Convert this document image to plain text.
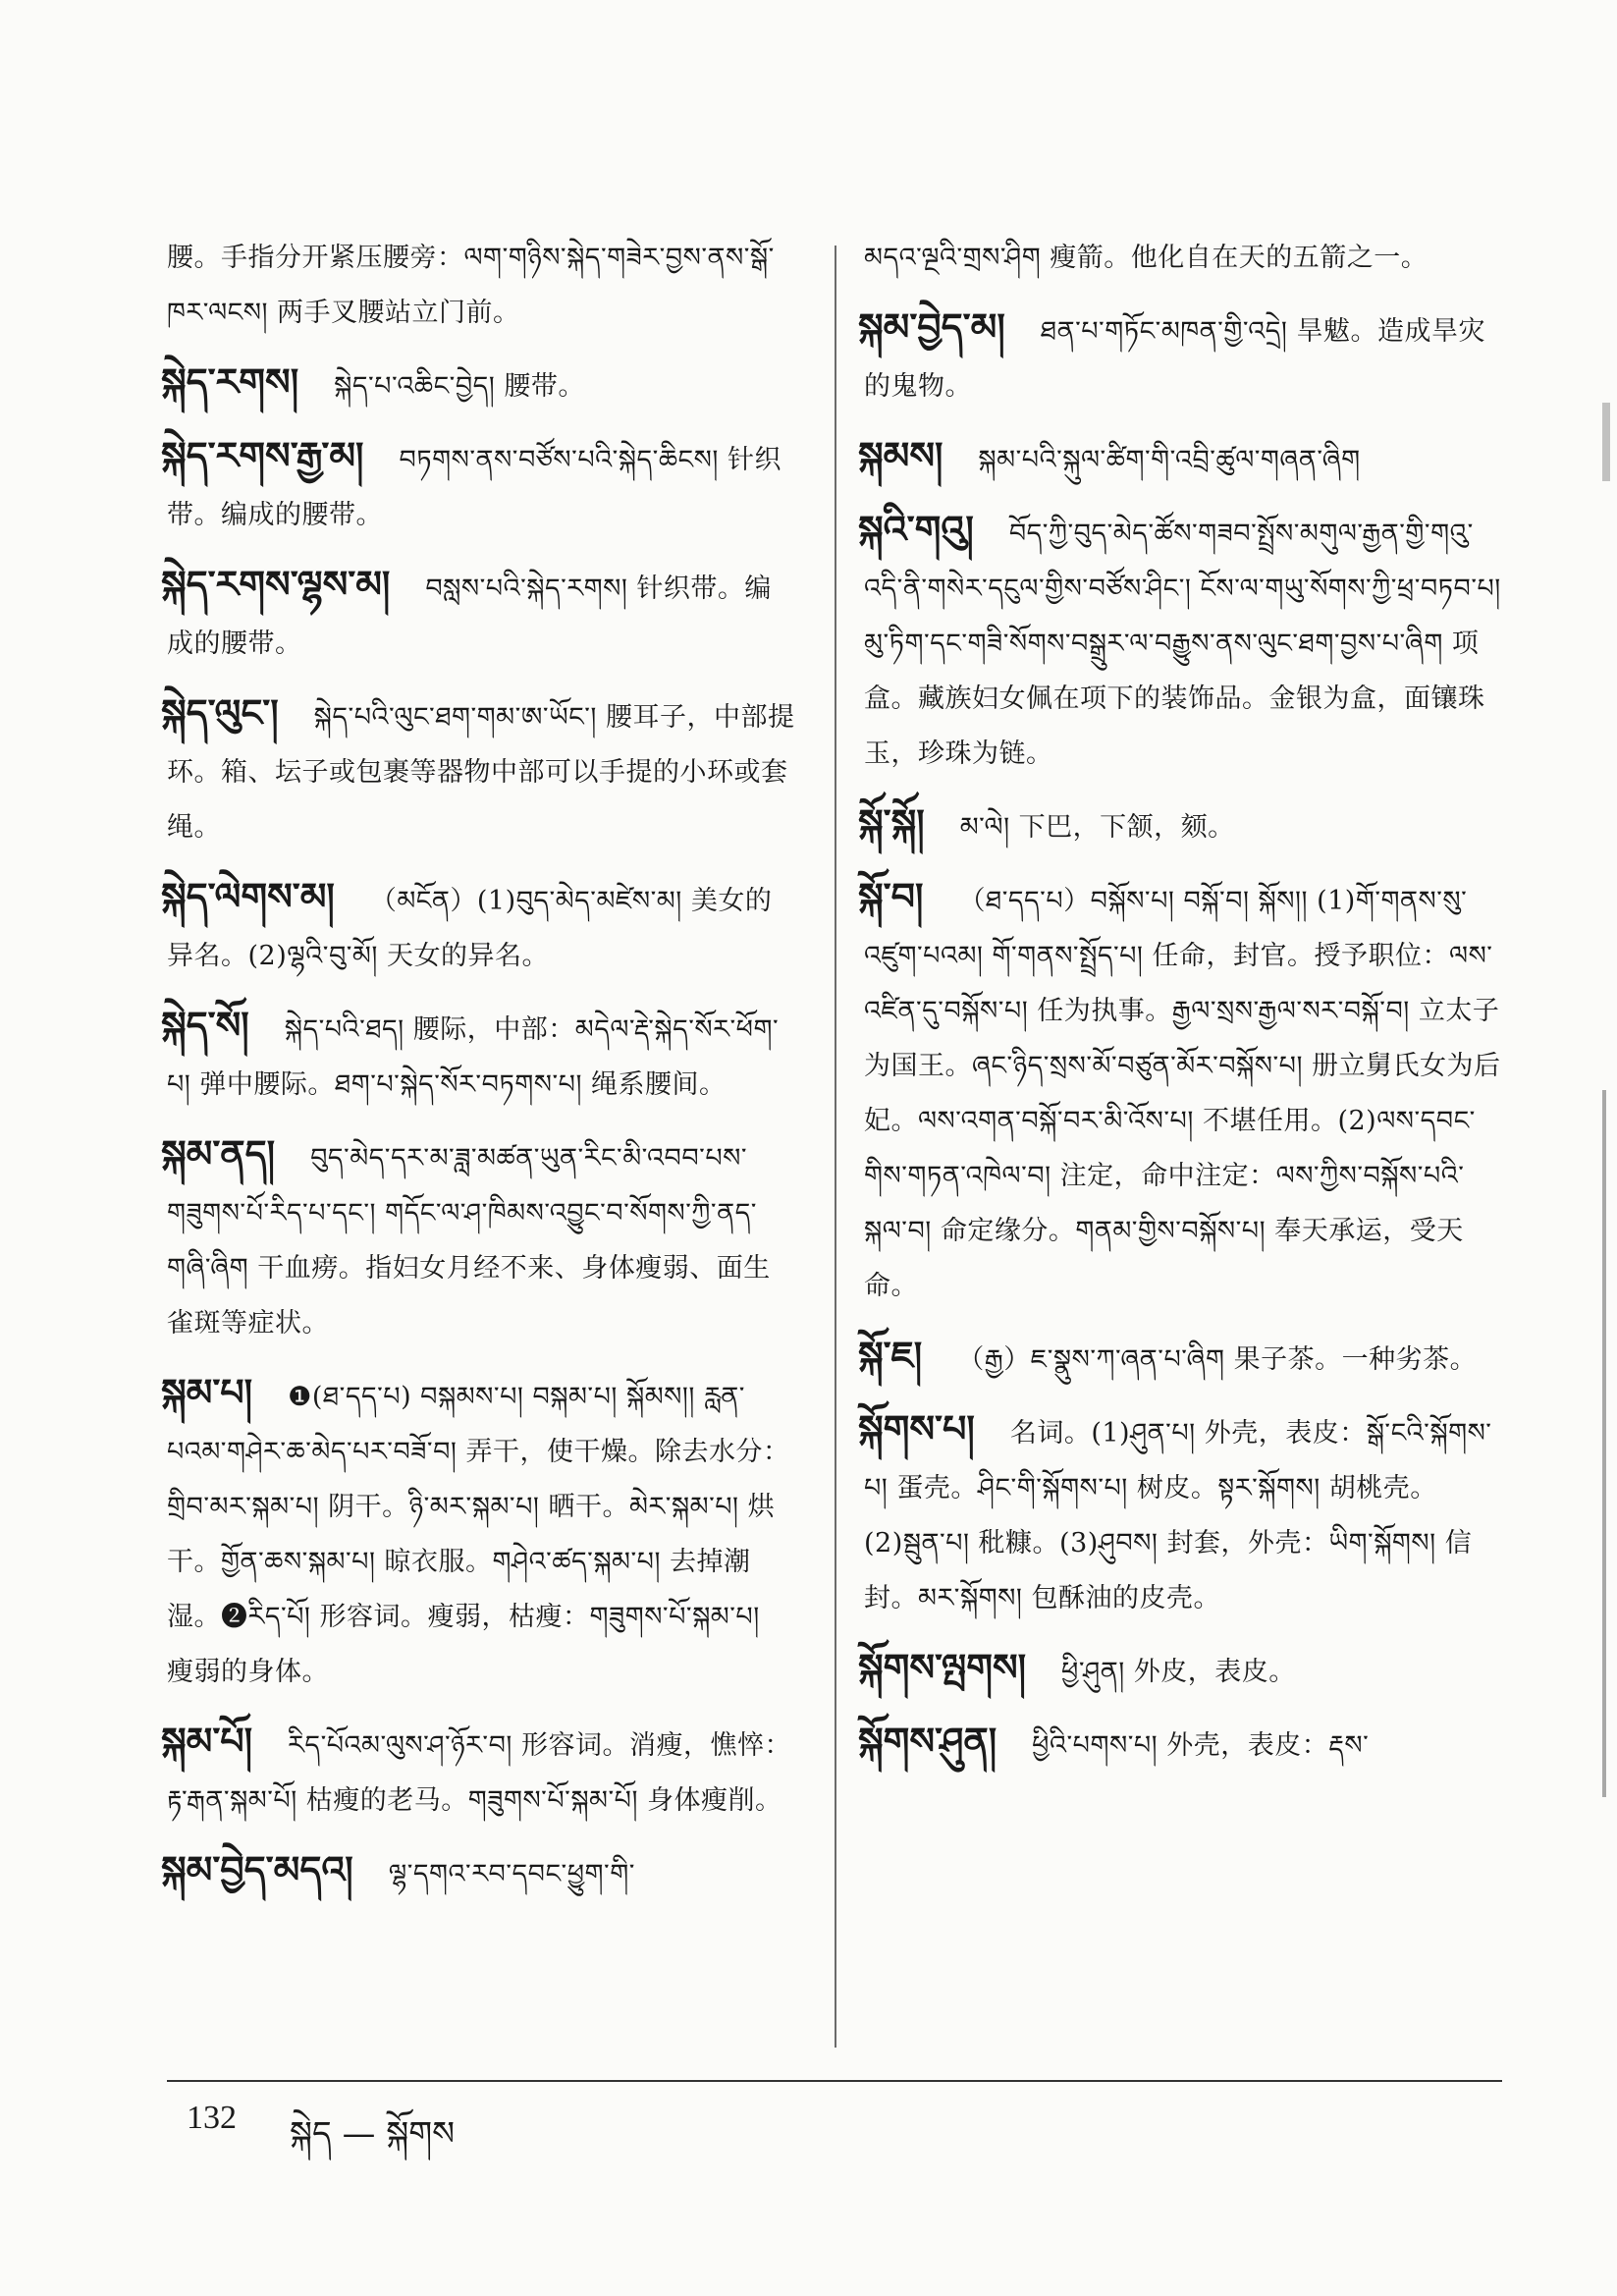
腰。手指分开紧压腰旁：ལག་གཉིས་སྐེད་གཟེར་བྱས་ནས་སྒོ་ཁར་ལངས། 两手叉腰站立门前。
སྐེད་རགས། སྐེད་པ་འཆིང་བྱེད། 腰带。
སྐེད་རགས་རྒྱ་མ། བཏགས་ནས་བཙོས་པའི་སྐེད་ཆིངས། 针织带。编成的腰带。
སྐེད་རགས་ལྷས་མ། བསླས་པའི་སྐེད་རགས། 针织带。编成的腰带。
སྐེད་ལུང་། སྐེད་པའི་ལུང་ཐག་གམ་ཨ་ཡོང་། 腰耳子，中部提环。箱、坛子或包裹等器物中部可以手提的小环或套绳。
སྐེད་ལེགས་མ། （མངོན）(1)བུད་མེད་མཛེས་མ། 美女的异名。(2)ལྷའི་བུ་མོ། 天女的异名。
སྐེད་སོ། སྐེད་པའི་ཐད། 腰际，中部：མདེལ་རྡེ་སྐེད་སོར་ཕོག་པ། 弹中腰际。ཐག་པ་སྐེད་སོར་བཏགས་པ། 绳系腰间。
སྐམ་ནད། བུད་མེད་དར་མ་ཟླ་མཚན་ཡུན་རིང་མི་འབབ་པས་གཟུགས་པོ་རིད་པ་དང་། གདོང་ལ་ཤ་ཁིམས་འབྱུང་བ་སོགས་ཀྱི་ནད་གཞི་ཞིག 干血痨。指妇女月经不来、身体瘦弱、面生雀斑等症状。
སྐམ་པ། ❶(ཐ་དད་པ) བསྐམས་པ། བསྐམ་པ། སྐོམས།། རླན་པའམ་གཤེར་ཆ་མེད་པར་བཟོ་བ། 弄干，使干燥。除去水分：གྲིབ་མར་སྐམ་པ། 阴干。ཉི་མར་སྐམ་པ། 晒干。མེར་སྐམ་པ། 烘干。གྱོན་ཆས་སྐམ་པ། 晾衣服。གཤེའ་ཚད་སྐམ་པ། 去掉潮湿。❷རིད་པོ། 形容词。瘦弱，枯瘦：གཟུགས་པོ་སྐམ་པ། 瘦弱的身体。
སྐམ་པོ། རིད་པོའམ་ལུས་ཤ་ཉོར་བ། 形容词。消瘦，憔悴：རྟ་རྒན་སྐམ་པོ། 枯瘦的老马。གཟུགས་པོ་སྐམ་པོ། 身体瘦削。
སྐམ་བྱེད་མདའ། ལྷ་དགའ་རབ་དབང་ཕྱུག་གི་
མདའ་ལྔའི་གྲས་ཤིག 瘦箭。他化自在天的五箭之一。
སྐམ་བྱེད་མ། ཐན་པ་གཏོང་མཁན་གྱི་འདྲེ། 旱魃。造成旱灾的鬼物。
སྐམས། སྐམ་པའི་སྐུལ་ཚིག་གི་འབྲི་ཚུལ་གཞན་ཞིག
སྐའི་གའུ། བོད་ཀྱི་བུད་མེད་ཚོས་གཟབ་སྤྲོས་མགུལ་རྒྱན་གྱི་གའུ་འདི་ནི་གསེར་དངུལ་གྱིས་བཙོས་ཤིང་། ངོས་ལ་གཡུ་སོགས་ཀྱི་ཕྲ་བཏབ་པ། མུ་ཏིག་དང་གཟི་སོགས་བསྒྲུར་ལ་བརྒྱུས་ནས་ལུང་ཐག་བྱས་པ་ཞིག 项盒。藏族妇女佩在项下的装饰品。金银为盒，面镶珠玉，珍珠为链。
སྐོ་སྐོ། མ་ལེ། 下巴，下颔，颏。
སྐོ་བ། （ཐ་དད་པ）བསྐོས་པ། བསྐོ་བ། སྐོས།། (1)གོ་གནས་སུ་འཛུག་པའམ། གོ་གནས་སྤྲོད་པ། 任命，封官。授予职位：ལས་འཛིན་དུ་བསྐོས་པ། 任为执事。རྒྱལ་སྲས་རྒྱལ་སར་བསྐོ་བ། 立太子为国王。ཞང་ཉིད་སྲས་མོ་བཙུན་མོར་བསྐོས་པ། 册立舅氏女为后妃。ལས་འགན་བསྐོ་བར་མི་འོས་པ། 不堪任用。(2)ལས་དབང་གིས་གཏན་འཁེལ་བ། 注定，命中注定：ལས་ཀྱིས་བསྐོས་པའི་སྐལ་བ། 命定缘分。གནམ་གྱིས་བསྐོས་པ། 奉天承运，受天命。
སྐོ་ཇ། （རྒྱ）ཇ་སྣུས་ཀ་ཞན་པ་ཞིག 果子茶。一种劣茶。
སྐོགས་པ། 名词。(1)ཤུན་པ། 外壳，表皮：སྒོ་ངའི་སྐོགས་པ། 蛋壳。ཤིང་གི་སྐོགས་པ། 树皮。སྟར་སྐོགས། 胡桃壳。(2)སྦུན་པ། 秕糠。(3)ཤུབས། 封套，外壳：ཡིག་སྐོགས། 信封。མར་སྐོགས། 包酥油的皮壳。
སྐོགས་ལྤགས། ཕྱི་ཤུན། 外皮，表皮。
སྐོགས་ཤུན། ཕྱིའི་པགས་པ། 外壳，表皮：རྡས་
132 སྐེད — སྐོགས
